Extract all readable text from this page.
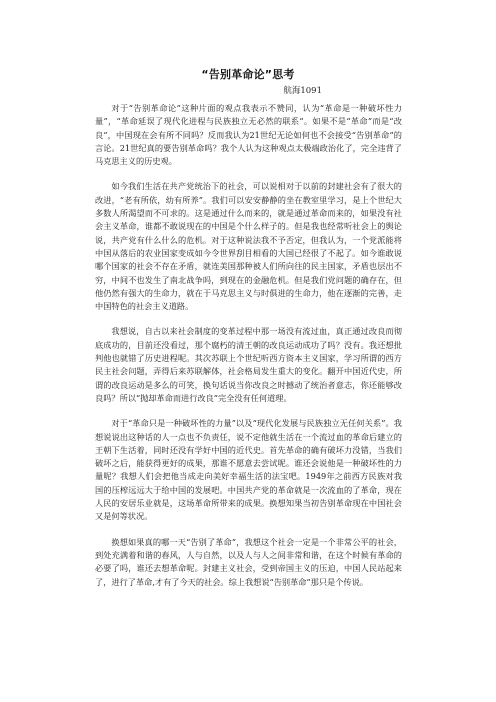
“告别革命论”思考
航海1091

对于“告别革命论”这种片面的观点我表示不赞同，认为“革命是一种破坏性力量”，“革命延误了现代化进程与民族独立无必然的联系”。如果不是“革命”而是“改良”，中国现在会有所不同吗？反而我认为21世纪无论如何也不会接受“告别革命”的言论。21世纪真的要告别革命吗？我个人认为这种观点太极端政治化了，完全违背了马克思主义的历史观。

如今我们生活在共产党统治下的社会，可以说相对于以前的封建社会有了很大的改进，“老有所依，幼有所养”。我们可以安安静静的坐在教室里学习，是上个世纪大多数人所渴望而不可求的。这是通过什么而来的，就是通过革命而来的，如果没有社会主义革命，谁都不敢说现在的中国是个什么样子的。但是我也经常听社会上的舆论说，共产党有什么什么的危机。对于这种说法我不予否定，但我认为，一个党派能将中国从落后的农业国家变成如今令世界刮目相看的大国已经很了不起了。如今谁敢说哪个国家的社会不存在矛盾，就连美国那种被人们所向往的民主国家，矛盾也层出不穷，中间不也发生了南北战争吗，到现在的金融危机。但是我们党问题的确存在，但他仍然有强大的生命力，就在于马克思主义与时俱进的生命力，他在逐渐的完善，走中国特色的社会主义道路。

我想说，自古以来社会制度的变革过程中那一场没有流过血，真正通过改良而彻底成功的，目前还没看过，那个腐朽的清王朝的改良运动成功了吗？没有。我还想批判他也就错了历史进程呢。其次苏联上个世纪听西方资本主义国家，学习所谓的西方民主社会问题，弄得后来苏联解体，社会格局发生重大的变化。翻开中国近代史，所谓的改良运动是多么的可笑，换句话说当你改良之时撼动了统治者意志，你还能够改良吗？所以“抛却革命而进行改良”完全没有任何道理。

对于“革命只是一种破坏性的力量”以及“现代化发展与民族独立无任何关系”。我想说说出这种话的人一点也不负责任，说不定他就生活在一个流过血的革命后建立的王朝下生活着，同时还没有学好中国的近代史。首先革命的确有破坏力没错，当我们破坏之后，能获得更好的成果，那谁不愿意去尝试呢。谁还会说他是一种破坏性的力量呢？我想人们会把他当成走向美好幸福生活的法宝吧。1949年之前西方民族对我国的压榨远远大于给中国的发展吧。中国共产党的革命就是一次流血的了革命，现在人民的安居乐业就是，这场革命所带来的成果。换想知果当初告别革命现在中国社会又是何等状况。

换想如果真的哪一天“告别了革命”，我想这个社会一定是一个非常公平的社会，到处充满着和谐的春风，人与自然，以及人与人之间非常和谐，在这个时候有革命的必要了吗，谁还去想革命呢。封建主义社会，受到帝国主义的压迫，中国人民站起来了，进行了革命,才有了今天的社会。综上我想说“告别革命”那只是个传说。
